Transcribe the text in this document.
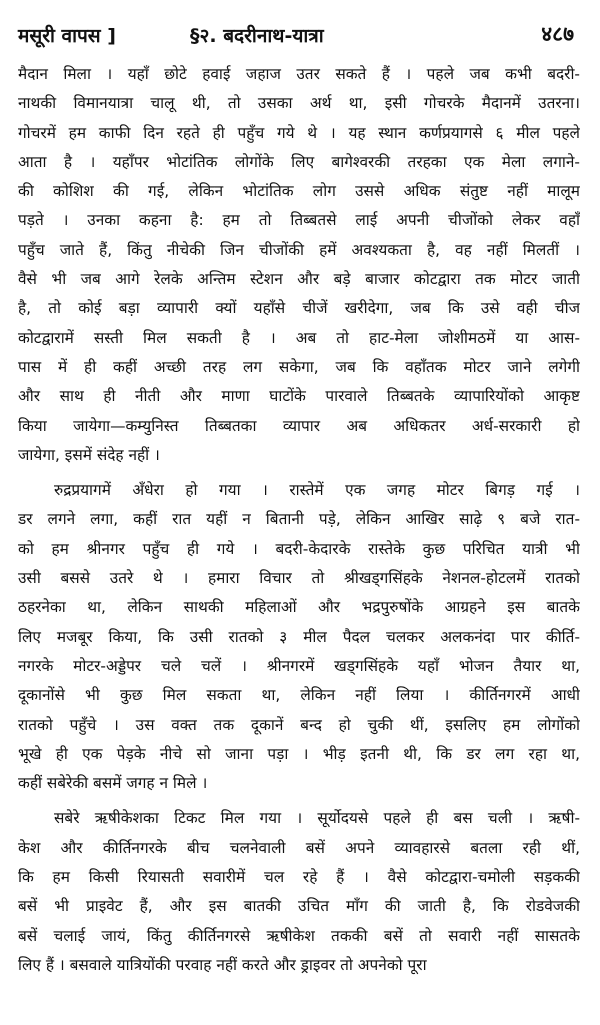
मसूरी वापस ]	§२. बदरीनाथ-यात्रा	४८७
मैदान मिला । यहाँ छोटे हवाई जहाज उतर सकते हैं । पहले जब कभी बदरी-
नाथकी विमानयात्रा चालू थी, तो उसका अर्थ था, इसी गोचरके मैदानमें उतरना।
गोचरमें हम काफी दिन रहते ही पहुँच गये थे । यह स्थान कर्णप्रयागसे ६ मील पहले
आता है । यहाँपर भोटांतिक लोगोंके लिए बागेश्वरकी तरहका एक मेला लगाने-
की कोशिश की गई, लेकिन भोटांतिक लोग उससे अधिक संतुष्ट नहीं मालूम
पड़ते । उनका कहना है: हम तो तिब्बतसे लाई अपनी चीजोंको लेकर वहाँ
पहुँच जाते हैं, किंतु नीचेकी जिन चीजोंकी हमें अवश्यकता है, वह नहीं मिलतीं ।
वैसे भी जब आगे रेलके अन्तिम स्टेशन और बड़े बाजार कोटद्वारा तक मोटर जाती
है, तो कोई बड़ा व्यापारी क्यों यहाँसे चीजें खरीदेगा, जब कि उसे वही चीज
कोटद्वारामें सस्ती मिल सकती है । अब तो हाट-मेला जोशीमठमें या आस-
पास में ही कहीं अच्छी तरह लग सकेगा, जब कि वहाँतक मोटर जाने लगेगी
और साथ ही नीती और माणा घाटोंके पारवाले तिब्बतके व्यापारियोंको आकृष्ट
किया जायेगा—कम्युनिस्त तिब्बतका व्यापार अब अधिकतर अर्ध-सरकारी हो
जायेगा, इसमें संदेह नहीं ।
रुद्रप्रयागमें अँधेरा हो गया । रास्तेमें एक जगह मोटर बिगड़ गई ।
डर लगने लगा, कहीं रात यहीं न बितानी पड़े, लेकिन आखिर साढ़े ९ बजे रात-
को हम श्रीनगर पहुँच ही गये । बदरी-केदारके रास्तेके कुछ परिचित यात्री भी
उसी बससे उतरे थे । हमारा विचार तो श्रीखड्गसिंहके नेशनल-होटलमें रातको
ठहरनेका था, लेकिन साथकी महिलाओं और भद्रपुरुषोंके आग्रहने इस बातके
लिए मजबूर किया, कि उसी रातको ३ मील पैदल चलकर अलकनंदा पार कीर्ति-
नगरके मोटर-अड्डेपर चले चलें । श्रीनगरमें खड्गसिंहके यहाँ भोजन तैयार था,
दूकानोंसे भी कुछ मिल सकता था, लेकिन नहीं लिया । कीर्तिनगरमें आधी
रातको पहुँचे । उस वक्त तक दूकानें बन्द हो चुकी थीं, इसलिए हम लोगोंको
भूखे ही एक पेड़के नीचे सो जाना पड़ा । भीड़ इतनी थी, कि डर लग रहा था,
कहीं सबेरेकी बसमें जगह न मिले ।
सबेरे ऋषीकेशका टिकट मिल गया । सूर्योदयसे पहले ही बस चली । ऋषी-
केश और कीर्तिनगरके बीच चलनेवाली बसें अपने व्यावहारसे बतला रही थीं,
कि हम किसी रियासती सवारीमें चल रहे हैं । वैसे कोटद्वारा-चमोली सड़ककी
बसें भी प्राइवेट हैं, और इस बातकी उचित माँग की जाती है, कि रोडवेजकी
बसें चलाई जायं, किंतु कीर्तिनगरसे ऋषीकेश तककी बसें तो सवारी नहीं सासतके
लिए हैं । बसवाले यात्रियोंकी परवाह नहीं करते और ड्राइवर तो अपनेको पूरा
